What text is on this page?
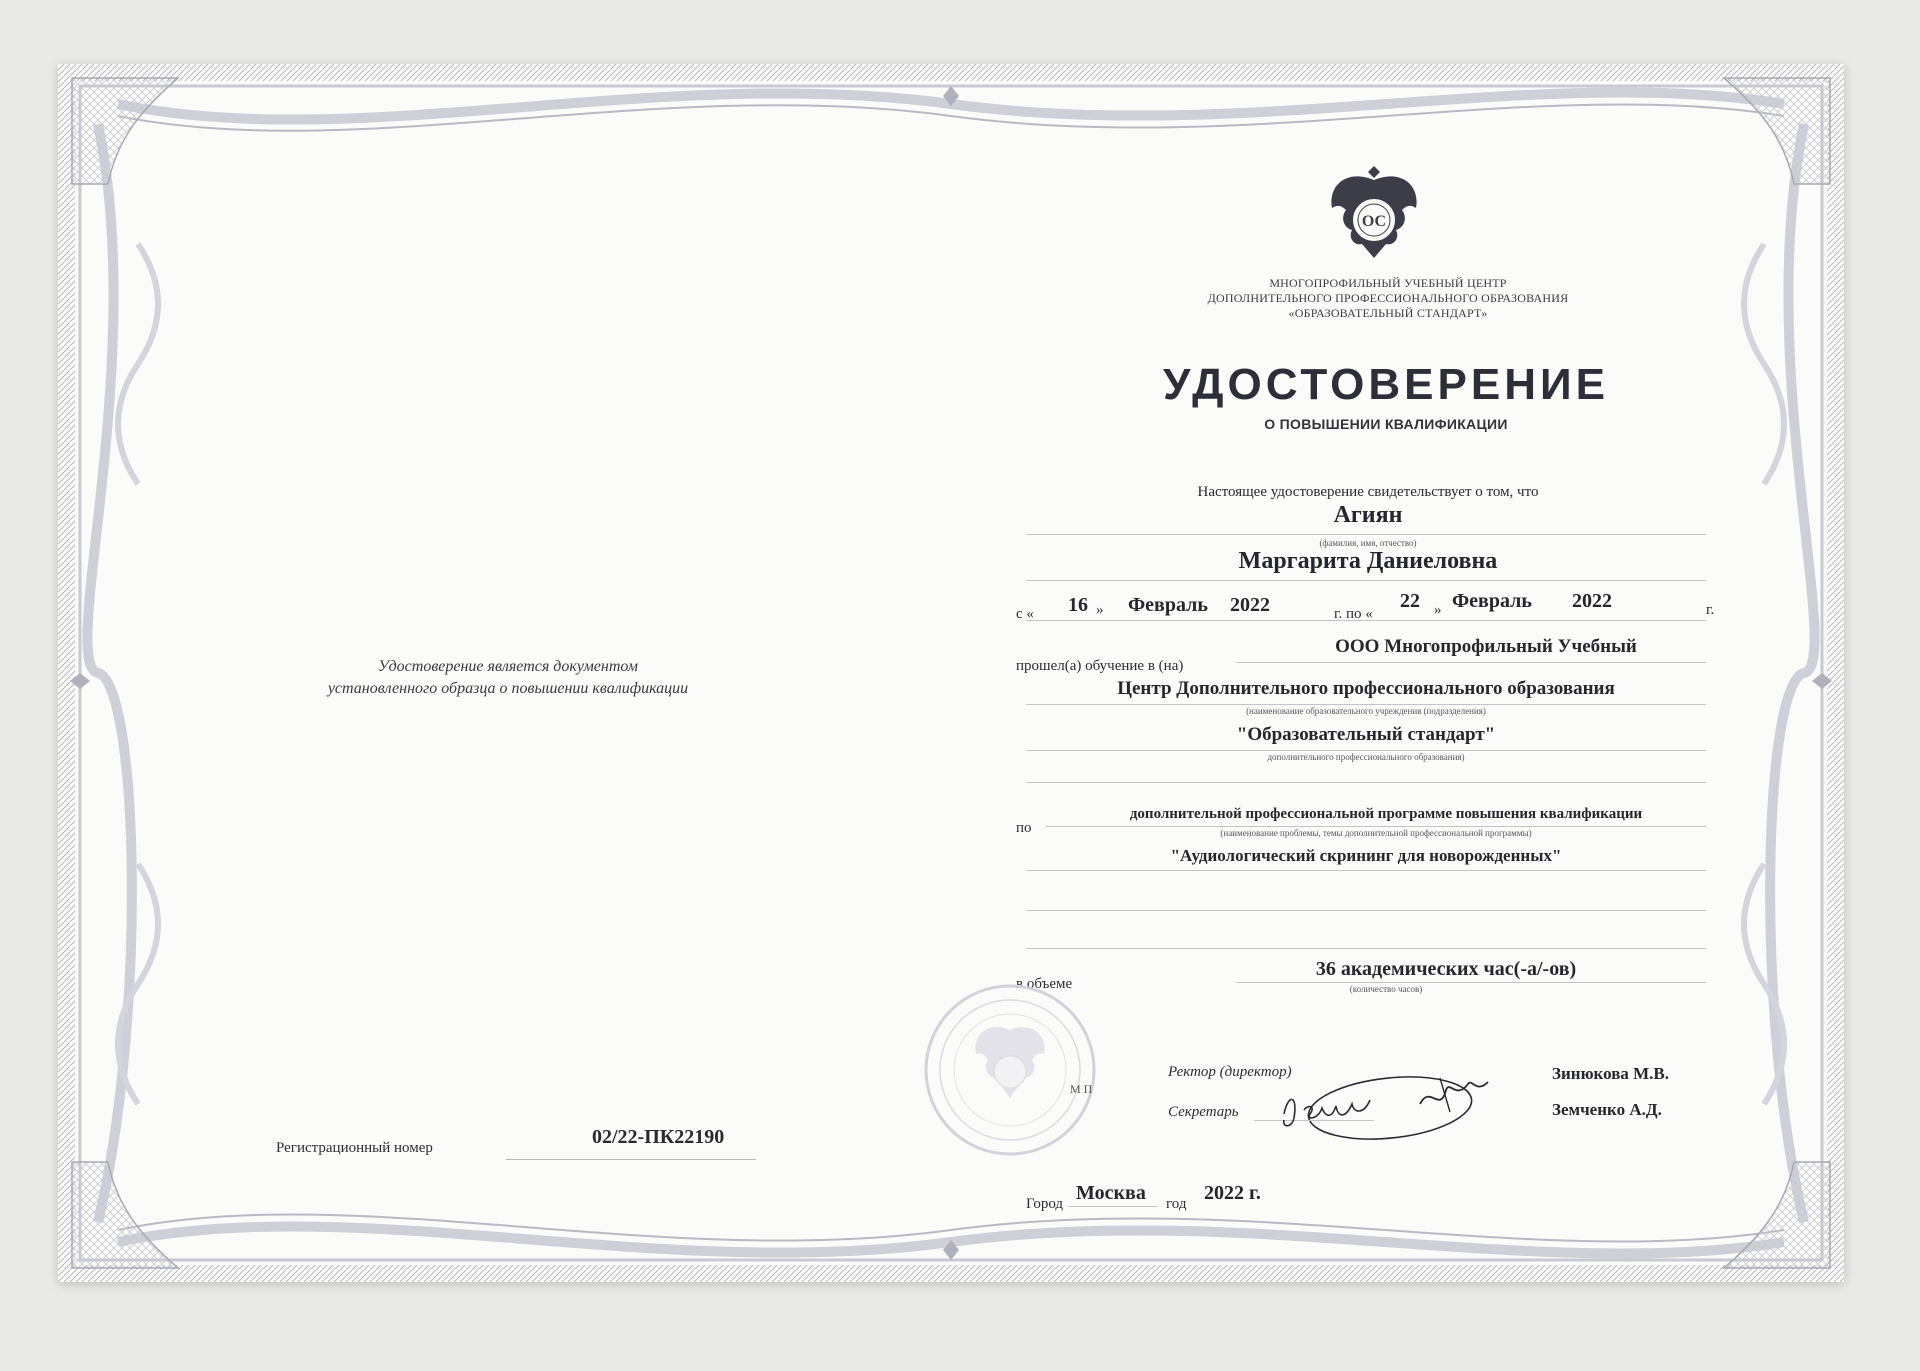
Удостоверение является документом
установленного образца о повышении квалификации
Регистрационный номер	02/22-ПК22190
ОС
МНОГОПРОФИЛЬНЫЙ УЧЕБНЫЙ ЦЕНТР
ДОПОЛНИТЕЛЬНОГО ПРОФЕССИОНАЛЬНОГО ОБРАЗОВАНИЯ
«ОБРАЗОВАТЕЛЬНЫЙ СТАНДАРТ»
УДОСТОВЕРЕНИЕ
О ПОВЫШЕНИИ КВАЛИФИКАЦИИ
Настоящее удостоверение свидетельствует о том, что
Агиян
(фамилия, имя, отчество)
Маргарита Даниеловна
с « 16 » Февраль 2022	г. по «
22 » Февраль 2022	г.
прошел(а) обучение в (на)
ООО Многопрофильный Учебный
Центр Дополнительного профессионального образования
(наименование образовательного учреждения (подразделения)
"Образовательный стандарт"
дополнительного профессионального образования)
по
дополнительной профессиональной программе повышения квалификации
(наименование проблемы, темы дополнительной профессиональной программы)
"Аудиологический скрининг для новорожденных"
в объеме
36 академических час(-а/-ов)
(количество часов)
М П
Ректор (директор)	Зинюкова М.В.
Секретарь	Земченко А.Д.
Город Москва год 2022 г.
